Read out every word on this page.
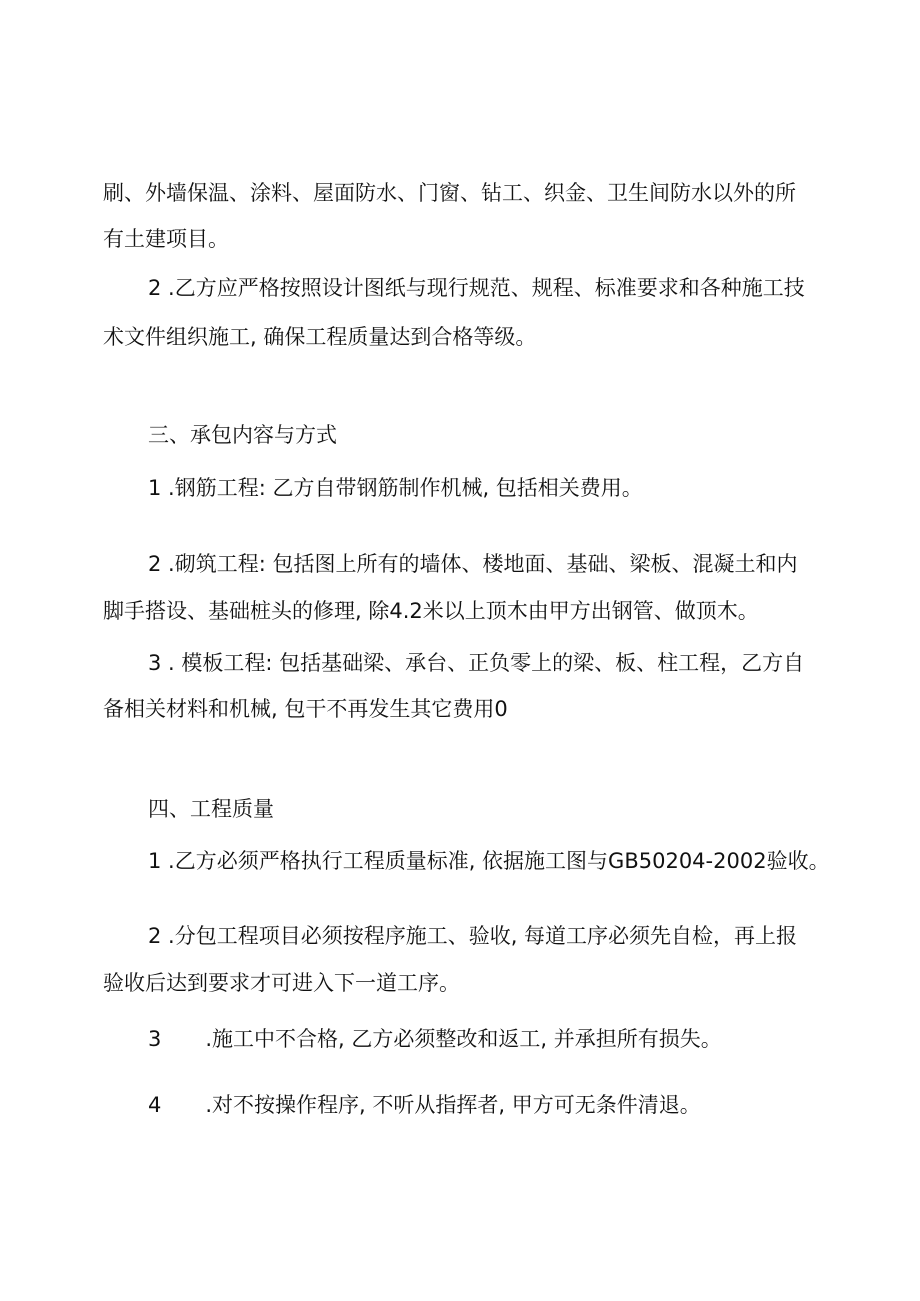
刷、外墙保温、涂料、屋面防水、门窗、钻工、织金、卫生间防水以外的所
有土建项目。
2 .乙方应严格按照设计图纸与现行规范、规程、标准要求和各种施工技
术文件组织施工, 确保工程质量达到合格等级。
三、承包内容与方式
1 .钢筋工程: 乙方自带钢筋制作机械, 包括相关费用。
2 .砌筑工程: 包括图上所有的墙体、楼地面、基础、梁板、混凝土和内
脚手搭设、基础桩头的修理, 除4.2米以上顶木由甲方出钢管、做顶木。
3 . 模板工程: 包括基础梁、承台、正负零上的梁、板、柱工程，乙方自
备相关材料和机械, 包干不再发生其它费用0
四、工程质量
1 .乙方必须严格执行工程质量标准, 依据施工图与GB50204-2002验收。
2 .分包工程项目必须按程序施工、验收, 每道工序必须先自检，再上报
验收后达到要求才可进入下一道工序。
3 .施工中不合格, 乙方必须整改和返工, 并承担所有损失。
4 .对不按操作程序, 不听从指挥者, 甲方可无条件清退。
